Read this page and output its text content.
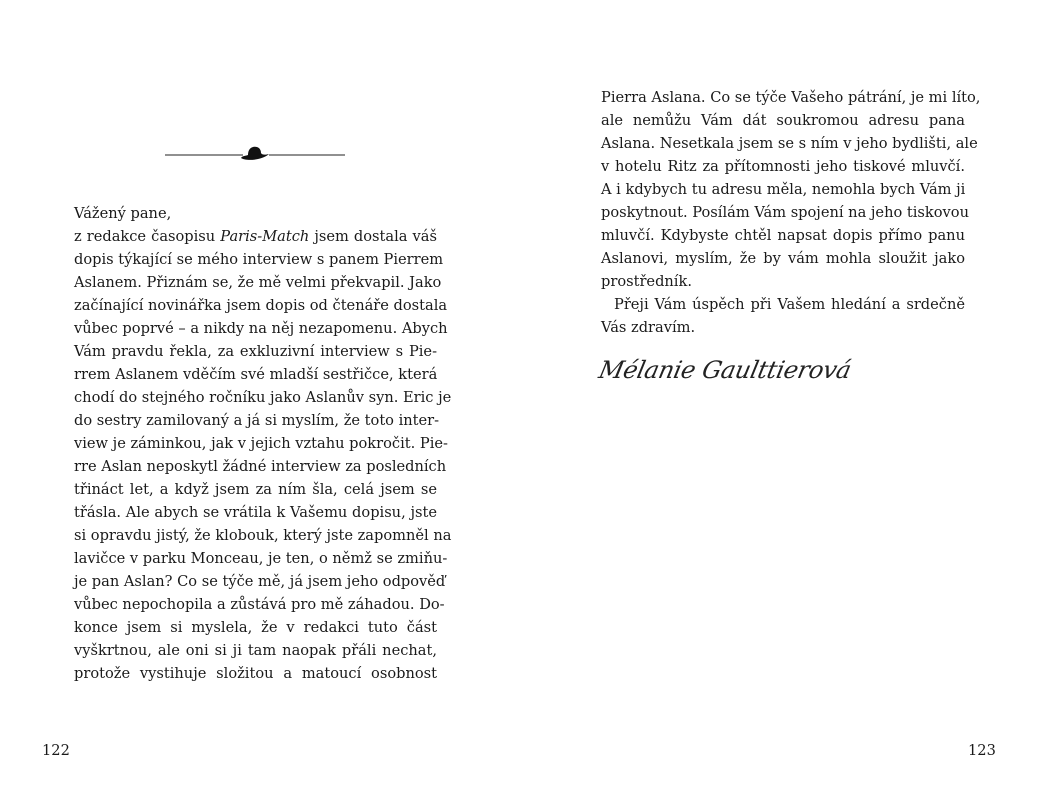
Vážený pane,
z redakce časopisu Paris-Match jsem dostala váš
dopis týkající se mého interview s panem Pierrem
Aslanem. Přiznám se, že mě velmi překvapil. Jako
začínající novinářka jsem dopis od čtenáře dostala
vůbec poprvé – a nikdy na něj nezapomenu. Abych
Vám pravdu řekla, za exkluzivní interview s Pie-
rrem Aslanem vděčím své mladší sestřičce, která
chodí do stejného ročníku jako Aslanův syn. Eric je
do sestry zamilovaný a já si myslím, že toto inter-
view je záminkou, jak v jejich vztahu pokročit. Pie-
rre Aslan neposkytl žádné interview za posledních
třináct let, a když jsem za ním šla, celá jsem se
třásla. Ale abych se vrátila k Vašemu dopisu, jste
si opravdu jistý, že klobouk, který jste zapomněl na
lavičce v parku Monceau, je ten, o němž se zmiňu-
je pan Aslan? Co se týče mě, já jsem jeho odpověď
vůbec nepochopila a zůstává pro mě záhadou. Do-
konce jsem si myslela, že v redakci tuto část
vyškrtnou, ale oni si ji tam naopak přáli nechat,
protože vystihuje složitou a matoucí osobnost
Pierra Aslana. Co se týče Vašeho pátrání, je mi líto,
ale nemůžu Vám dát soukromou adresu pana
Aslana. Nesetkala jsem se s ním v jeho bydlišti, ale
v hotelu Ritz za přítomnosti jeho tiskové mluvčí.
A i kdybych tu adresu měla, nemohla bych Vám ji
poskytnout. Posílám Vám spojení na jeho tiskovou
mluvčí. Kdybyste chtěl napsat dopis přímo panu
Aslanovi, myslím, že by vám mohla sloužit jako
prostředník.
Přeji Vám úspěch při Vašem hledání a srdečně
Vás zdravím.
Mélanie Gaulttierová
122	123
